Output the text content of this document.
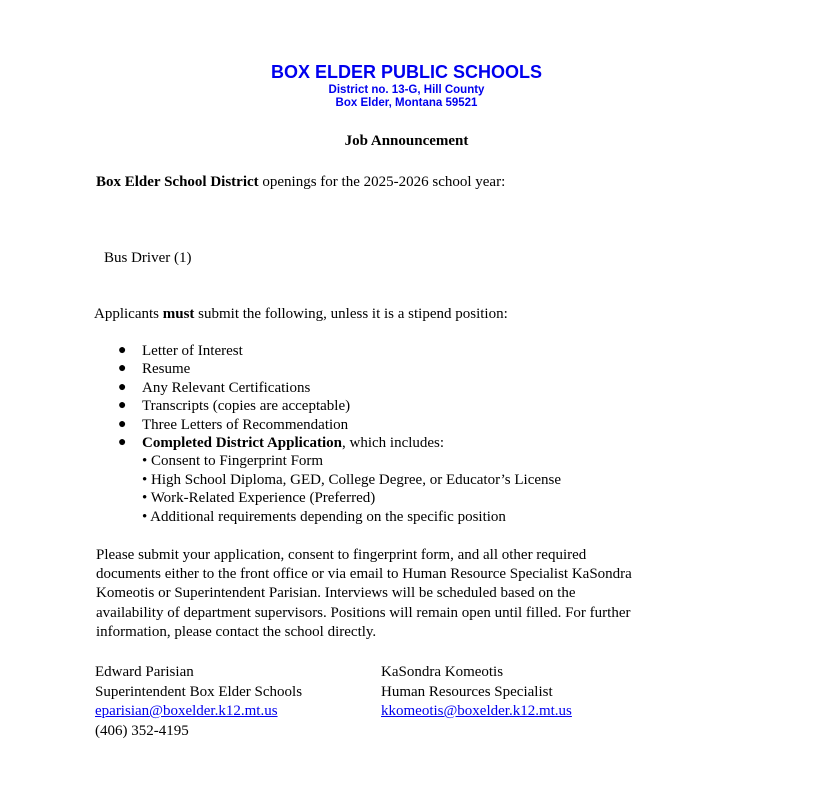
BOX ELDER PUBLIC SCHOOLS
District no. 13-G, Hill County
Box Elder, Montana 59521
Job Announcement
Box Elder School District openings for the 2025-2026 school year:
Bus Driver (1)
Applicants must submit the following, unless it is a stipend position:
● Letter of Interest
● Resume
● Any Relevant Certifications
● Transcripts (copies are acceptable)
● Three Letters of Recommendation
● Completed District Application, which includes:
• Consent to Fingerprint Form
• High School Diploma, GED, College Degree, or Educator’s License
• Work-Related Experience (Preferred)
• Additional requirements depending on the specific position
Please submit your application, consent to fingerprint form, and all other required
documents either to the front office or via email to Human Resource Specialist KaSondra
Komeotis or Superintendent Parisian. Interviews will be scheduled based on the
availability of department supervisors. Positions will remain open until filled. For further
information, please contact the school directly.
Edward Parisian
Superintendent Box Elder Schools
eparisian@boxelder.k12.mt.us
(406) 352-4195
KaSondra Komeotis
Human Resources Specialist
kkomeotis@boxelder.k12.mt.us
